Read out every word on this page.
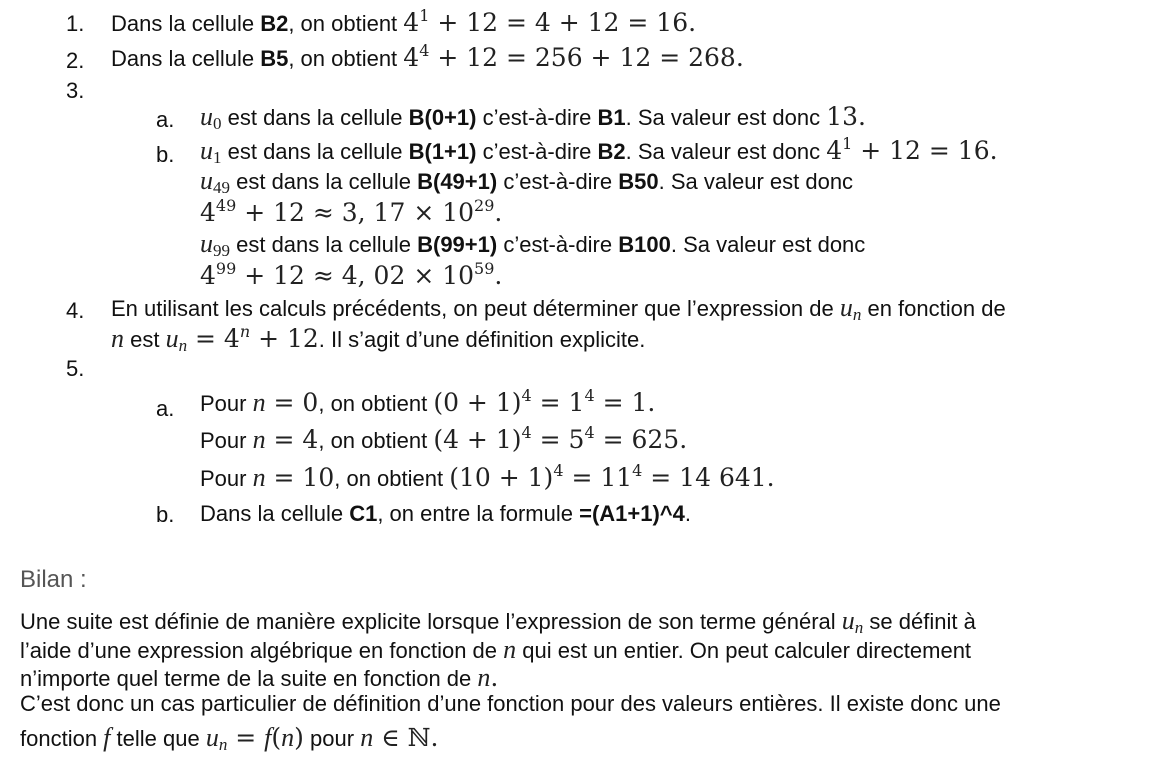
1. Dans la cellule B2, on obtient $4^1 + 12 = 4 + 12 = 16$.
2. Dans la cellule B5, on obtient $4^4 + 12 = 256 + 12 = 268$.
3.
a. u0 est dans la cellule B(0+1) c’est-à-dire B1. Sa valeur est donc 13.
b. u1 est dans la cellule B(1+1) c’est-à-dire B2. Sa valeur est donc $4^1 + 12 = 16$.
u49 est dans la cellule B(49+1) c’est-à-dire B50. Sa valeur est donc
$4^{49} + 12 \approx 3$, $17 \times 10^{29}$.
u99 est dans la cellule B(99+1) c’est-à-dire B100. Sa valeur est donc
$4^{99} + 12 \approx 4$, $02 \times 10^{59}$.
4. En utilisant les calculs précédents, on peut déterminer que l’expression de un en fonction de
n est un = $4^n + 12$. Il s’agit d’une définition explicite.
5.
a. Pour n = 0, on obtient $(0 + 1)^4 = 1^4 = 1$.
Pour n = 4, on obtient $(4 + 1)^4 = 5^4 = 625$.
Pour n = 10, on obtient $(10 + 1)^4 = 11^4 = 14$ 641.
b. Dans la cellule C1, on entre la formule =(A1+1)^4.
Bilan :
Une suite est définie de manière explicite lorsque l’expression de son terme général un se définit à
l’aide d’une expression algébrique en fonction de n qui est un entier. On peut calculer directement
n’importe quel terme de la suite en fonction de n.
C’est donc un cas particulier de définition d’une fonction pour des valeurs entières. Il existe donc une
fonction f telle que un = f(n) pour n ∈ ℕ.
